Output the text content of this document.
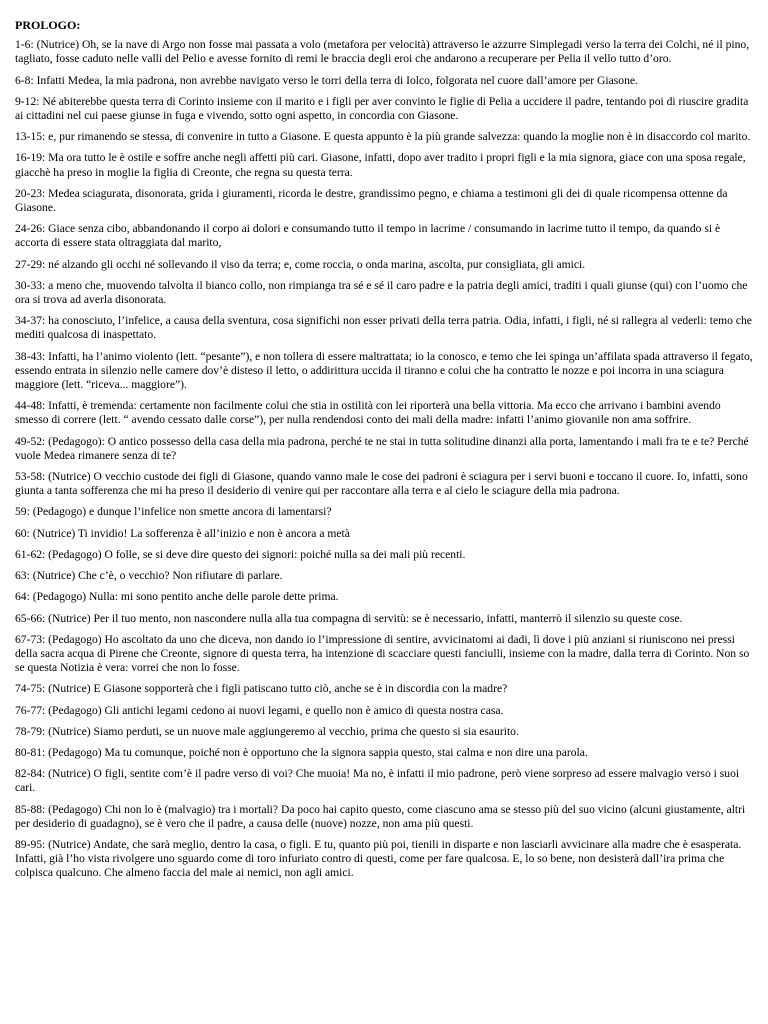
PROLOGO:

1-6: (Nutrice) Oh, se la nave di Argo non fosse mai passata a volo (metafora per velocità) attraverso le azzurre Simplegadi verso la terra dei Colchi, né il pino, tagliato, fosse caduto nelle valli del Pelio e avesse fornito di remi le braccia degli eroi che andarono a recuperare per Pelia il vello tutto d’oro.

6-8: Infatti Medea, la mia padrona, non avrebbe navigato verso le torri della terra di Iolco, folgorata nel cuore dall’amore per Giasone.

9-12: Né abiterebbe questa terra di Corinto insieme con il marito e i figli per aver convinto le figlie di Pelia a uccidere il padre, tentando poi di riuscire gradita ai cittadini nel cui paese giunse in fuga e vivendo, sotto ogni aspetto, in concordia con Giasone.

13-15: e, pur rimanendo se stessa, di convenire in tutto a Giasone. E questa appunto è la più grande salvezza: quando la moglie non è in disaccordo col marito.

16-19: Ma ora tutto le è ostile e soffre anche negli affetti più cari. Giasone, infatti, dopo aver tradito i propri figli e la mia signora, giace con una sposa regale, giacchè ha preso in moglie la figlia di Creonte, che regna su questa terra.

20-23: Medea sciagurata, disonorata, grida i giuramenti, ricorda le destre, grandissimo pegno, e chiama a testimoni gli dei di quale ricompensa ottenne da Giasone.

24-26: Giace senza cibo, abbandonando il corpo ai dolori e consumando tutto il tempo in lacrime / consumando in lacrime tutto il tempo, da quando si è accorta di essere stata oltraggiata dal marito,

27-29: né alzando gli occhi né sollevando il viso da terra; e, come roccia, o onda marina, ascolta, pur consigliata, gli amici.

30-33: a meno che, muovendo talvolta il bianco collo, non rimpianga tra sé e sé il caro padre e la patria degli amici, traditi i quali giunse (qui) con l’uomo che ora si trova ad averla disonorata.

34-37: ha conosciuto, l’infelice, a causa della sventura, cosa significhi non esser privati della terra patria. Odia, infatti, i figli, né si rallegra al vederli: temo che mediti qualcosa di inaspettato.

38-43: Infatti, ha l’animo violento (lett. “pesante”), e non tollera di essere maltrattata; io la conosco, e temo che lei spinga un’affilata spada attraverso il fegato, essendo entrata in silenzio nelle camere dov’è disteso il letto, o addirittura uccida il tiranno e colui che ha contratto le nozze e poi incorra in una sciagura maggiore (lett. “riceva... maggiore”).

44-48: Infatti, è tremenda: certamente non facilmente colui che stia in ostilità con lei riporterà una bella vittoria. Ma ecco che arrivano i bambini avendo smesso di correre (lett. “ avendo cessato dalle corse”), per nulla rendendosi conto dei mali della madre: infatti l’animo giovanile non ama soffrire.

49-52: (Pedagogo): O antico possesso della casa della mia padrona, perché te ne stai in tutta solitudine dinanzi alla porta, lamentando i mali fra te e te? Perché vuole Medea rimanere senza di te?

53-58: (Nutrice) O vecchio custode dei figli di Giasone, quando vanno male le cose dei padroni è sciagura per i servi buoni e toccano il cuore. Io, infatti, sono giunta a tanta sofferenza che mi ha preso il desiderio di venire qui per raccontare alla terra e al cielo le sciagure della mia padrona.

59: (Pedagogo) e dunque l’infelice non smette ancora di lamentarsi?

60: (Nutrice) Ti invidio! La sofferenza è all’inizio e non è ancora a metà

61-62: (Pedagogo) O folle, se si deve dire questo dei signori: poiché nulla sa dei mali più recenti.

63: (Nutrice) Che c’è, o vecchio? Non rifiutare di parlare.

64: (Pedagogo) Nulla: mi sono pentito anche delle parole dette prima.

65-66: (Nutrice) Per il tuo mento, non nascondere nulla alla tua compagna di servitù: se è necessario, infatti, manterrò il silenzio su queste cose.

67-73: (Pedagogo) Ho ascoltato da uno che diceva, non dando io l’impressione di sentire, avvicinatomi ai dadi, lì dove i più anziani si riuniscono nei pressi della sacra acqua di Pirene che Creonte, signore di questa terra, ha intenzione di scacciare questi fanciulli, insieme con la madre, dalla terra di Corinto. Non so se questa Notizia è vera: vorrei che non lo fosse.

74-75: (Nutrice) E Giasone sopporterà che i figli patiscano tutto ciò, anche se è in discordia con la madre?

76-77: (Pedagogo) Gli antichi legami cedono ai nuovi legami, e quello non è amico di questa nostra casa.

78-79: (Nutrice) Siamo perduti, se un nuove male aggiungeremo al vecchio, prima che questo si sia esaurito.

80-81: (Pedagogo) Ma tu comunque, poiché non è opportuno che la signora sappia questo, stai calma e non dire una parola.

82-84: (Nutrice) O figli, sentite com’è il padre verso di voi? Che muoia! Ma no, è infatti il mio padrone, però viene sorpreso ad essere malvagio verso i suoi cari.

85-88: (Pedagogo) Chi non lo è (malvagio) tra i mortali? Da poco hai capito questo, come ciascuno ama se stesso più del suo vicino (alcuni giustamente, altri per desiderio di guadagno), se è vero che il padre, a causa delle (nuove) nozze, non ama più questi.

89-95: (Nutrice) Andate, che sarà meglio, dentro la casa, o figli. E tu, quanto più poi, tienili in disparte e non lasciarli avvicinare alla madre che è esasperata. Infatti, già l’ho vista rivolgere uno sguardo come di toro infuriato contro di questi, come per fare qualcosa. E, lo so bene, non desisterà dall’ira prima che colpisca qualcuno. Che almeno faccia del male ai nemici, non agli amici.
